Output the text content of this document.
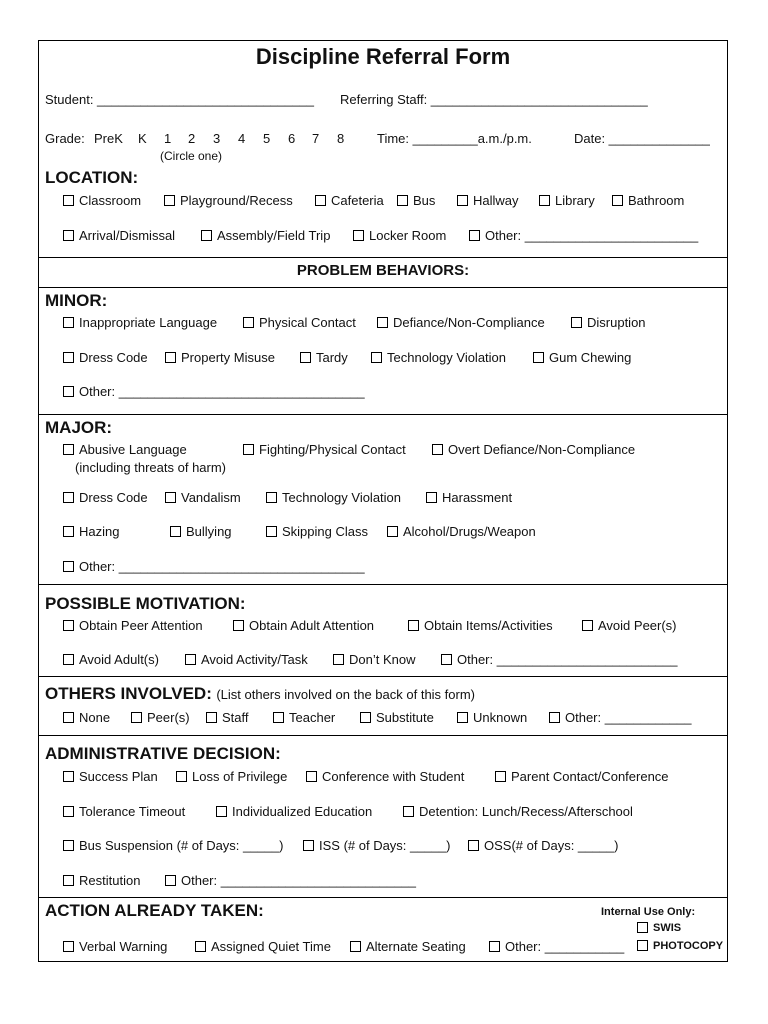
Discipline Referral Form
Student: ______________________________ Referring Staff: ______________________________
Grade: PreK K 1 2 3 4 5 6 7 8
(Circle one)
Time: _________a.m./p.m.	Date: ______________
LOCATION:
Classroom	Playground/Recess	Cafeteria	Bus	Hallway	Library	Bathroom
Arrival/Dismissal	Assembly/Field Trip	Locker Room	Other: ________________________
PROBLEM BEHAVIORS:
MINOR:
Inappropriate Language	Physical Contact	Defiance/Non-Compliance	Disruption
Dress Code	Property Misuse	Tardy	Technology Violation	Gum Chewing
Other: __________________________________
MAJOR:
Abusive Language
(including threats of harm)
Fighting/Physical Contact	Overt Defiance/Non-Compliance
Dress Code	Vandalism	Technology Violation	Harassment
Hazing	Bullying	Skipping Class	Alcohol/Drugs/Weapon
Other: __________________________________
POSSIBLE MOTIVATION:
Obtain Peer Attention	Obtain Adult Attention	Obtain Items/Activities	Avoid Peer(s)
Avoid Adult(s)	Avoid Activity/Task	Don’t Know	Other: _________________________
OTHERS INVOLVED: (List others involved on the back of this form)
None	Peer(s)	Staff	Teacher	Substitute	Unknown	Other: ____________
ADMINISTRATIVE DECISION:
Success Plan	Loss of Privilege	Conference with Student	Parent Contact/Conference
Tolerance Timeout	Individualized Education	Detention: Lunch/Recess/Afterschool
Bus Suspension (# of Days: _____)	ISS (# of Days: _____)	OSS(# of Days: _____)
Restitution	Other: ___________________________
ACTION ALREADY TAKEN:
Verbal Warning	Assigned Quiet Time	Alternate Seating	Other: ___________
Internal Use Only:
SWIS
PHOTOCOPY
